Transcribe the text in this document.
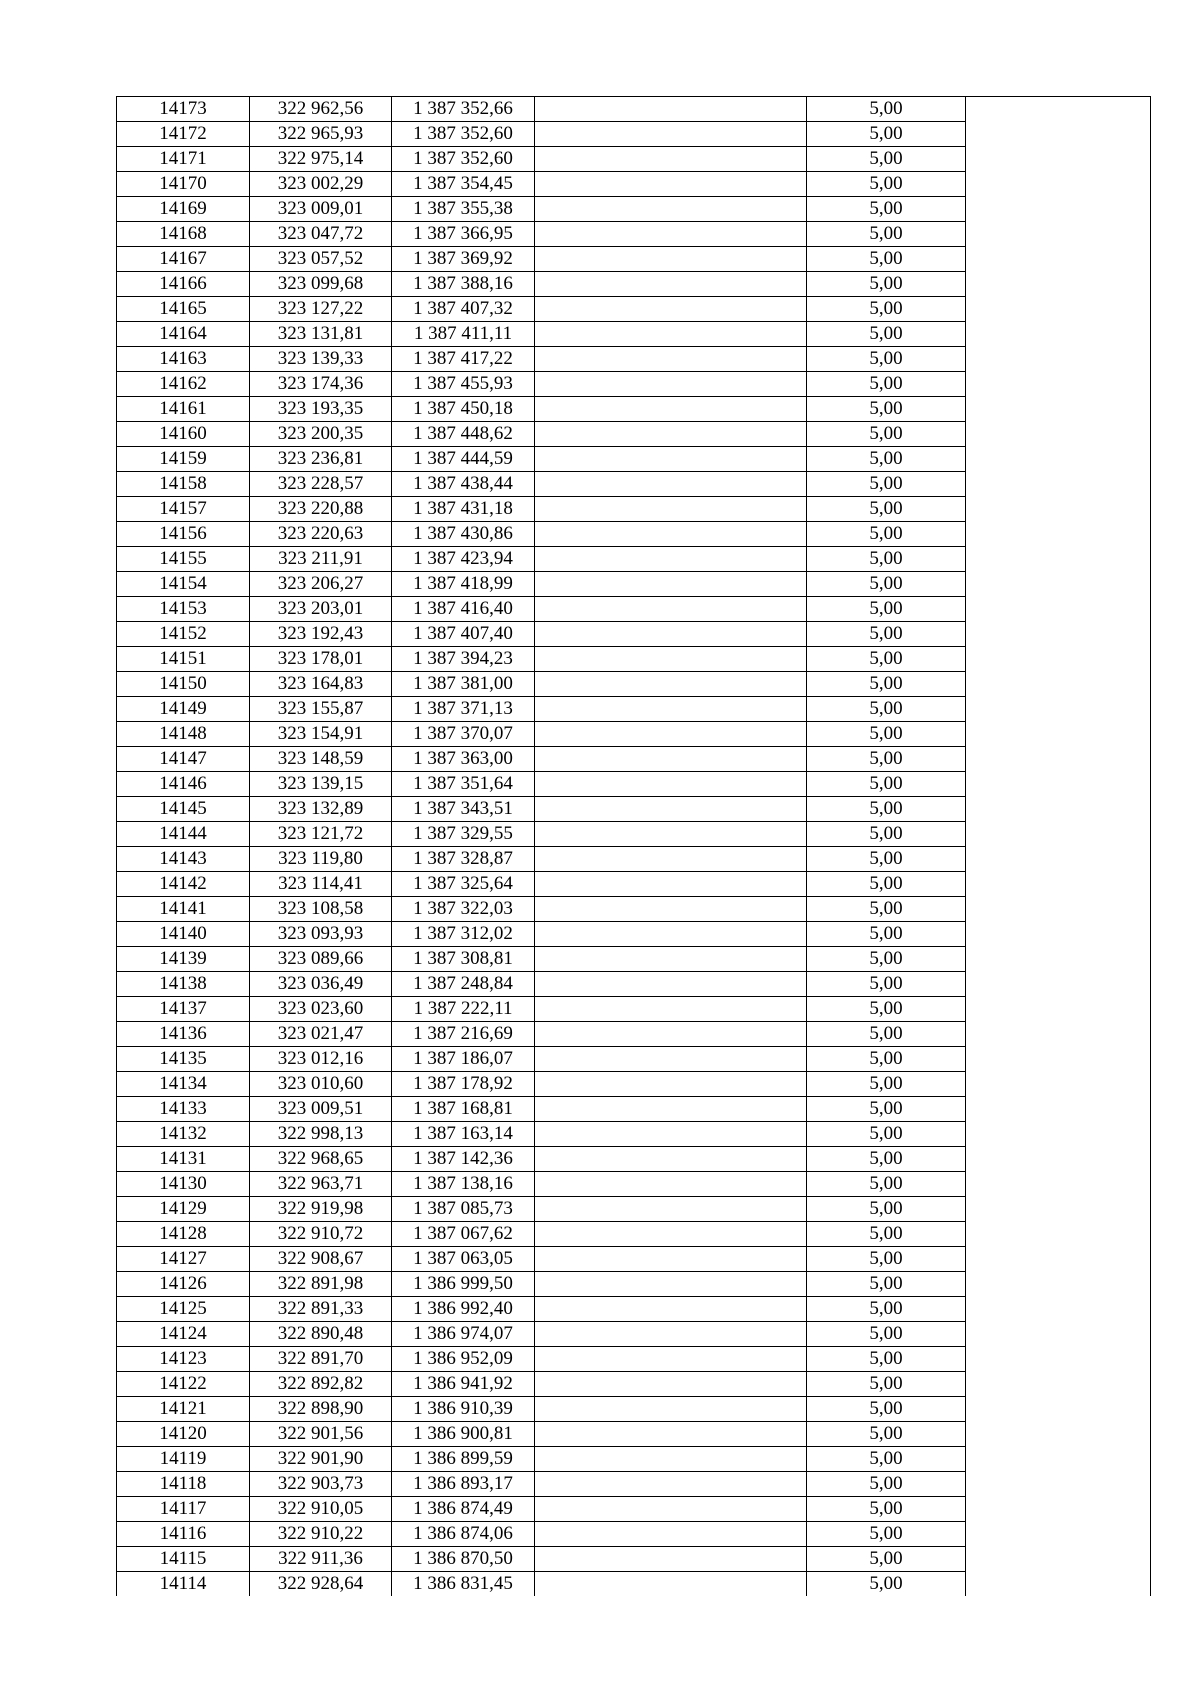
14173	322 962,56	1 387 352,66		5,00	
14172	322 965,93	1 387 352,60		5,00	
14171	322 975,14	1 387 352,60		5,00	
14170	323 002,29	1 387 354,45		5,00	
14169	323 009,01	1 387 355,38		5,00	
14168	323 047,72	1 387 366,95		5,00	
14167	323 057,52	1 387 369,92		5,00	
14166	323 099,68	1 387 388,16		5,00	
14165	323 127,22	1 387 407,32		5,00	
14164	323 131,81	1 387 411,11		5,00	
14163	323 139,33	1 387 417,22		5,00	
14162	323 174,36	1 387 455,93		5,00	
14161	323 193,35	1 387 450,18		5,00	
14160	323 200,35	1 387 448,62		5,00	
14159	323 236,81	1 387 444,59		5,00	
14158	323 228,57	1 387 438,44		5,00	
14157	323 220,88	1 387 431,18		5,00	
14156	323 220,63	1 387 430,86		5,00	
14155	323 211,91	1 387 423,94		5,00	
14154	323 206,27	1 387 418,99		5,00	
14153	323 203,01	1 387 416,40		5,00	
14152	323 192,43	1 387 407,40		5,00	
14151	323 178,01	1 387 394,23		5,00	
14150	323 164,83	1 387 381,00		5,00	
14149	323 155,87	1 387 371,13		5,00	
14148	323 154,91	1 387 370,07		5,00	
14147	323 148,59	1 387 363,00		5,00	
14146	323 139,15	1 387 351,64		5,00	
14145	323 132,89	1 387 343,51		5,00	
14144	323 121,72	1 387 329,55		5,00	
14143	323 119,80	1 387 328,87		5,00	
14142	323 114,41	1 387 325,64		5,00	
14141	323 108,58	1 387 322,03		5,00	
14140	323 093,93	1 387 312,02		5,00	
14139	323 089,66	1 387 308,81		5,00	
14138	323 036,49	1 387 248,84		5,00	
14137	323 023,60	1 387 222,11		5,00	
14136	323 021,47	1 387 216,69		5,00	
14135	323 012,16	1 387 186,07		5,00	
14134	323 010,60	1 387 178,92		5,00	
14133	323 009,51	1 387 168,81		5,00	
14132	322 998,13	1 387 163,14		5,00	
14131	322 968,65	1 387 142,36		5,00	
14130	322 963,71	1 387 138,16		5,00	
14129	322 919,98	1 387 085,73		5,00	
14128	322 910,72	1 387 067,62		5,00	
14127	322 908,67	1 387 063,05		5,00	
14126	322 891,98	1 386 999,50		5,00	
14125	322 891,33	1 386 992,40		5,00	
14124	322 890,48	1 386 974,07		5,00	
14123	322 891,70	1 386 952,09		5,00	
14122	322 892,82	1 386 941,92		5,00	
14121	322 898,90	1 386 910,39		5,00	
14120	322 901,56	1 386 900,81		5,00	
14119	322 901,90	1 386 899,59		5,00	
14118	322 903,73	1 386 893,17		5,00	
14117	322 910,05	1 386 874,49		5,00	
14116	322 910,22	1 386 874,06		5,00	
14115	322 911,36	1 386 870,50		5,00	
14114	322 928,64	1 386 831,45		5,00	
